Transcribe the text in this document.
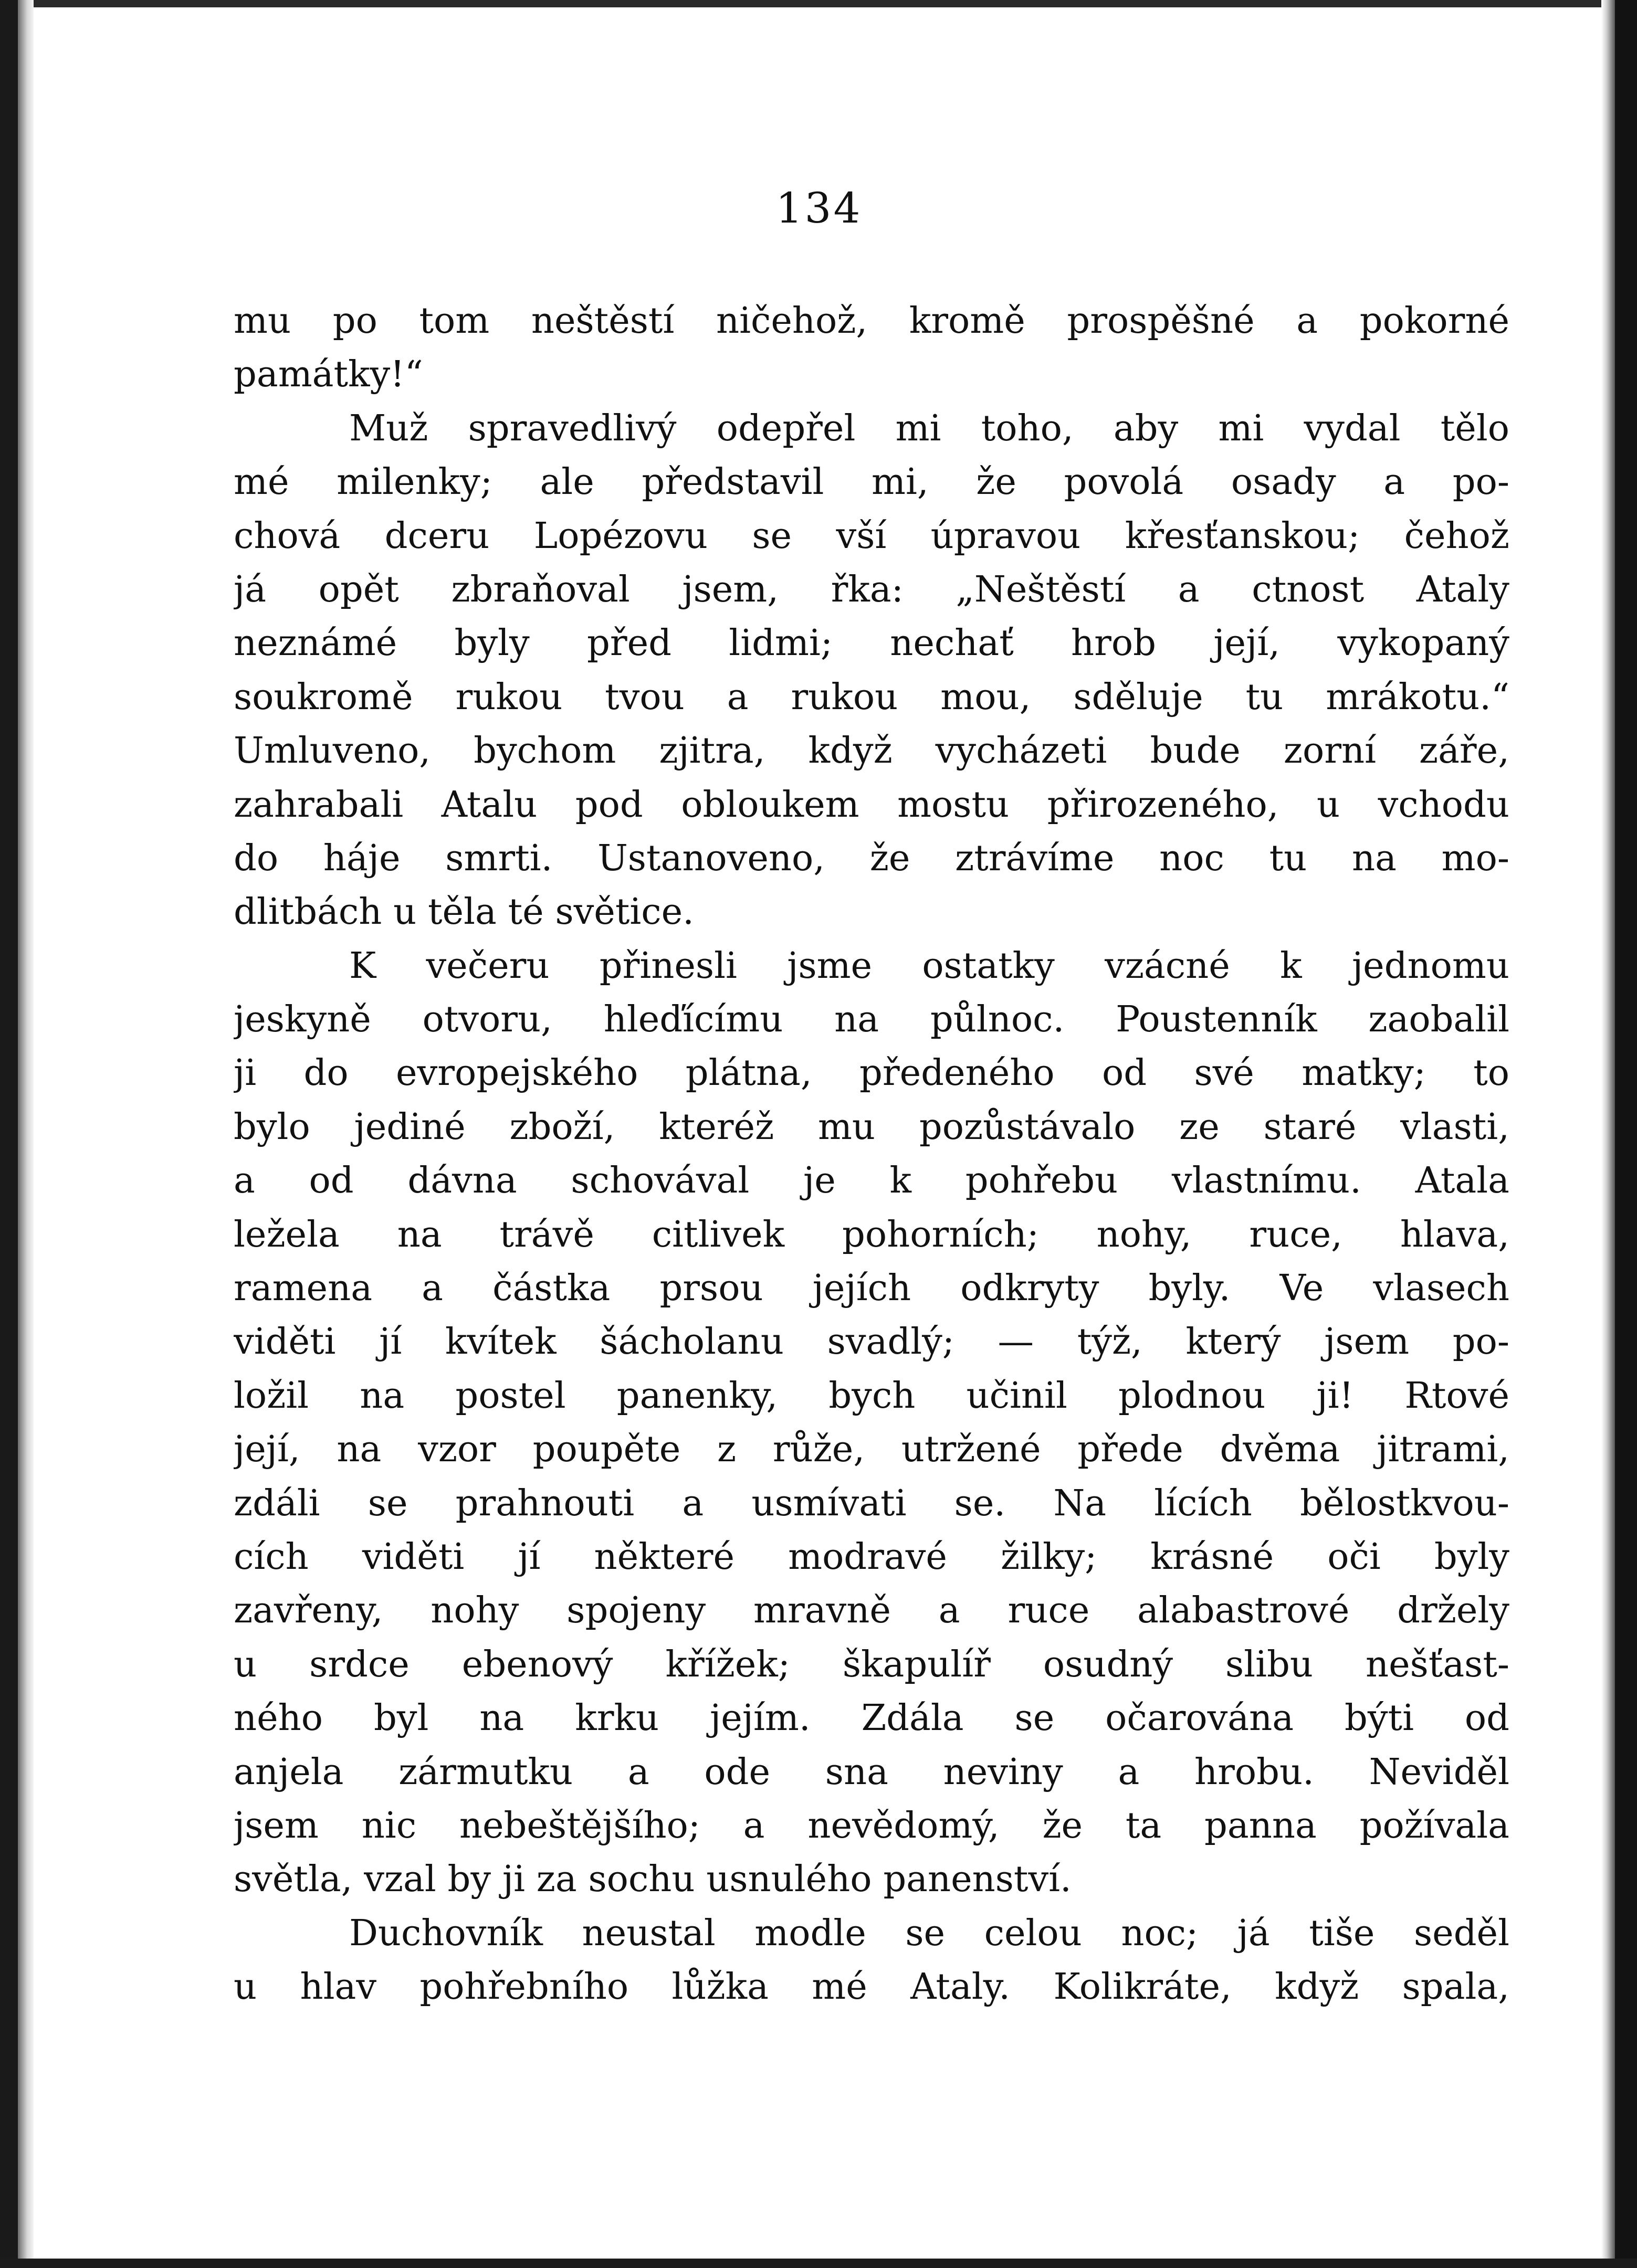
134
mu po tom neštěstí ničehož, kromě prospěšné a pokorné
památky!“
Muž spravedlivý odepřel mi toho, aby mi vydal tělo
mé milenky; ale představil mi, že povolá osady a po-
chová dceru Lopézovu se vší úpravou křesťanskou; čehož
já opět zbraňoval jsem, řka: „Neštěstí a ctnost Ataly
neznámé byly před lidmi; nechať hrob její, vykopaný
soukromě rukou tvou a rukou mou, sděluje tu mrákotu.“
Umluveno, bychom zjitra, když vycházeti bude zorní záře,
zahrabali Atalu pod obloukem mostu přirozeného, u vchodu
do háje smrti. Ustanoveno, že ztrávíme noc tu na mo-
dlitbách u těla té světice.
K večeru přinesli jsme ostatky vzácné k jednomu
jeskyně otvoru, hleďícímu na půlnoc. Poustenník zaobalil
ji do evropejského plátna, předeného od své matky; to
bylo jediné zboží, kteréž mu pozůstávalo ze staré vlasti,
a od dávna schovával je k pohřebu vlastnímu. Atala
ležela na trávě citlivek pohorních; nohy, ruce, hlava,
ramena a částka prsou jejích odkryty byly. Ve vlasech
viděti jí kvítek šácholanu svadlý; — týž, který jsem po-
ložil na postel panenky, bych učinil plodnou ji! Rtové
její, na vzor poupěte z růže, utržené přede dvěma jitrami,
zdáli se prahnouti a usmívati se. Na lících bělostkvou-
cích viděti jí některé modravé žilky; krásné oči byly
zavřeny, nohy spojeny mravně a ruce alabastrové držely
u srdce ebenový křížek; škapulíř osudný slibu nešťast-
ného byl na krku jejím. Zdála se očarována býti od
anjela zármutku a ode sna neviny a hrobu. Neviděl
jsem nic nebeštějšího; a nevědomý, že ta panna požívala
světla, vzal by ji za sochu usnulého panenství.
Duchovník neustal modle se celou noc; já tiše seděl
u hlav pohřebního lůžka mé Ataly. Kolikráte, když spala,
